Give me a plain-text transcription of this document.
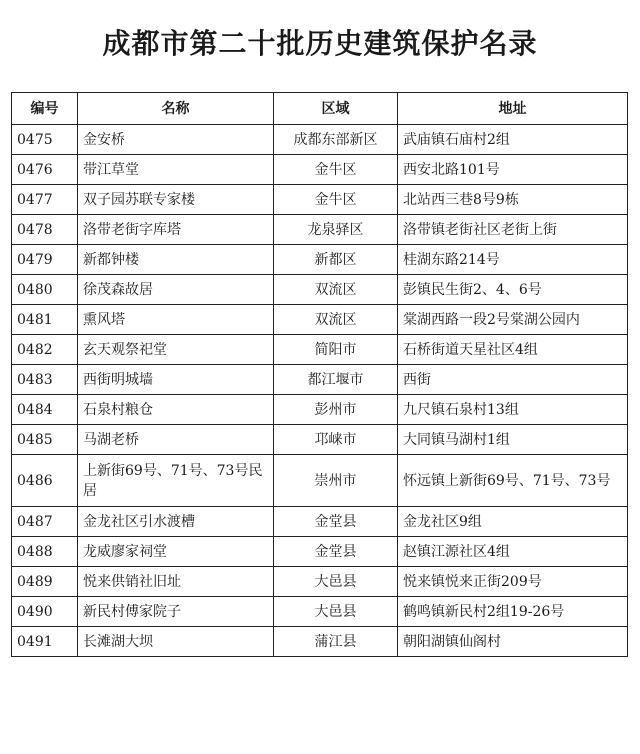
成都市第二十批历史建筑保护名录
编号	名称	区域	地址
0475	金安桥	成都东部新区	武庙镇石庙村2组
0476	带江草堂	金牛区	西安北路101号
0477	双子园苏联专家楼	金牛区	北站西三巷8号9栋
0478	洛带老街字库塔	龙泉驿区	洛带镇老街社区老街上街
0479	新都钟楼	新都区	桂湖东路214号
0480	徐茂森故居	双流区	彭镇民生街2、4、6号
0481	熏风塔	双流区	棠湖西路一段2号棠湖公园内
0482	玄天观祭祀堂	简阳市	石桥街道天星社区4组
0483	西街明城墙	都江堰市	西街
0484	石泉村粮仓	彭州市	九尺镇石泉村13组
0485	马湖老桥	邛崃市	大同镇马湖村1组
0486	上新街69号、71号、73号民居	崇州市	怀远镇上新街69号、71号、73号
0487	金龙社区引水渡槽	金堂县	金龙社区9组
0488	龙威廖家祠堂	金堂县	赵镇江源社区4组
0489	悦来供销社旧址	大邑县	悦来镇悦来正街209号
0490	新民村傅家院子	大邑县	鹤鸣镇新民村2组19-26号
0491	长滩湖大坝	蒲江县	朝阳湖镇仙阁村
